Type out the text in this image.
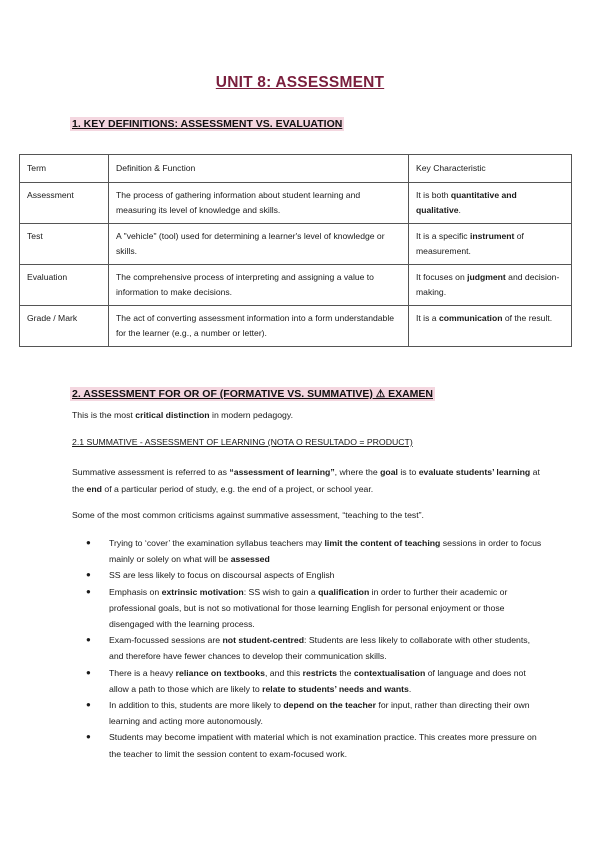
UNIT 8: ASSESSMENT
1. KEY DEFINITIONS: ASSESSMENT VS. EVALUATION
Term	Definition & Function	Key Characteristic
Assessment	The process of gathering information about student learning and measuring its level of knowledge and skills.	It is both quantitative and qualitative.
Test	A "vehicle" (tool) used for determining a learner's level of knowledge or skills.	It is a specific instrument of measurement.
Evaluation	The comprehensive process of interpreting and assigning a value to information to make decisions.	It focuses on judgment and decision-making.
Grade / Mark	The act of converting assessment information into a form understandable for the learner (e.g., a number or letter).	It is a communication of the result.
2. ASSESSMENT FOR OR OF (FORMATIVE VS. SUMMATIVE) ⚠ EXAMEN
This is the most critical distinction in modern pedagogy.
2.1 SUMMATIVE - ASSESSMENT OF LEARNING (NOTA O RESULTADO = PRODUCT)
Summative assessment is referred to as “assessment of learning”, where the goal is to evaluate students’ learning at the end of a particular period of study, e.g. the end of a project, or school year.
Some of the most common criticisms against summative assessment, “teaching to the test”.
● Trying to ‘cover’ the examination syllabus teachers may limit the content of teaching sessions in order to focus mainly or solely on what will be assessed
● SS are less likely to focus on discoursal aspects of English
● Emphasis on extrinsic motivation: SS wish to gain a qualification in order to further their academic or professional goals, but is not so motivational for those learning English for personal enjoyment or those disengaged with the learning process.
● Exam-focussed sessions are not student-centred: Students are less likely to collaborate with other students, and therefore have fewer chances to develop their communication skills.
● There is a heavy reliance on textbooks, and this restricts the contextualisation of language and does not allow a path to those which are likely to relate to students’ needs and wants.
● In addition to this, students are more likely to depend on the teacher for input, rather than directing their own learning and acting more autonomously.
● Students may become impatient with material which is not examination practice. This creates more pressure on the teacher to limit the session content to exam-focused work.
